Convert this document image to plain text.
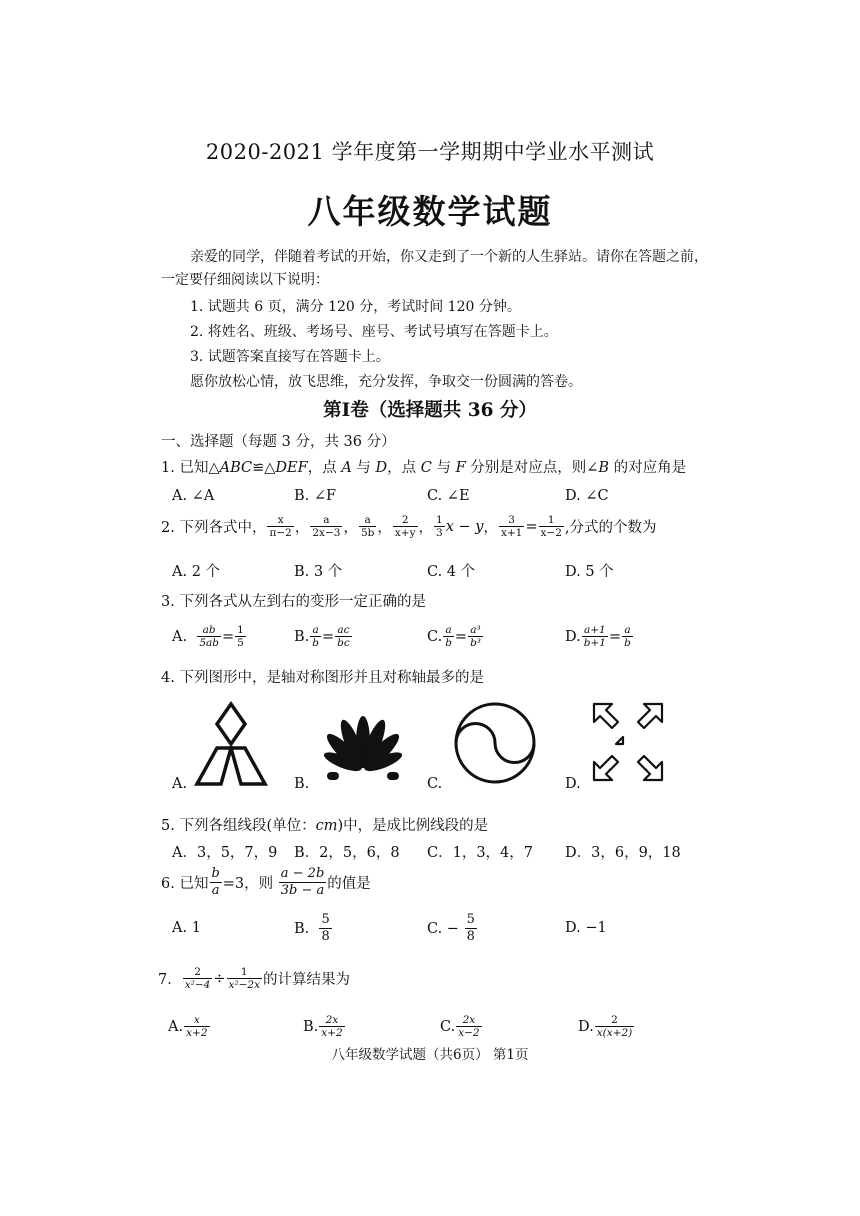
2020-2021 学年度第一学期期中学业水平测试
八年级数学试题
亲爱的同学，伴随着考试的开始，你又走到了一个新的人生驿站。请你在答题之前，
一定要仔细阅读以下说明：
1. 试题共 6 页，满分 120 分，考试时间 120 分钟。
2. 将姓名、班级、考场号、座号、考试号填写在答题卡上。
3. 试题答案直接写在答题卡上。
愿你放松心情，放飞思维，充分发挥，争取交一份圆满的答卷。
第Ⅰ卷（选择题共 36 分）
一、选择题（每题 3 分，共 36 分）
1. 已知△ABC≌△DEF，点 A 与 D，点 C 与 F 分别是对应点，则∠B 的对应角是
A. ∠A	B. ∠F	C. ∠E	D. ∠C
2. 下列各式中， $\frac{x}{\pi-2}$ ， $\frac{a}{2x-3}$ ， $\frac{a}{5b}$ ， $\frac{2}{x+y}$ ， $\frac{1}{3}$ x − y ， $\frac{3}{x+1} = \frac{1}{x-2}$ ,分式的个数为
A. 2 个	B. 3 个	C. 4 个	D. 5 个
3. 下列各式从左到右的变形一定正确的是
A.
$\frac{ab}{5ab} = \frac{1}{5}$	B. $\frac{a}{b} = \frac{ac}{bc}$	C. $\frac{a}{b} = \frac{\text{a³}}{\text{b³}}$	D. $\frac{a+1}{b+1} = \frac{a}{b}$
4. 下列图形中，是轴对称图形并且对称轴最多的是
A.	B.	C.	D.
5. 下列各组线段(单位：cm)中，是成比例线段的是
A．3，5，7，9 B．2，5，6，8 C．1，3，4，7 D．3，6，9，18
6. 已知 $\frac{b}{a} =3$，则
$\frac{a - 2b}{3b - a}$ 的值是
A. 1	B.
$\frac{5}{8}$	C. −
$\frac{5}{8}$	D. −1
7． $\frac{2}{\text{x²−4}} \div \frac{1}{\text{x²−2x}}$ 的计算结果为
A. $\frac{x}{x+2}$	B. $\frac{2x}{x+2}$	C. $\frac{2x}{x-2}$	D. $\frac{2}{x(x+2)}$
八年级数学试题（共6页） 第1页
